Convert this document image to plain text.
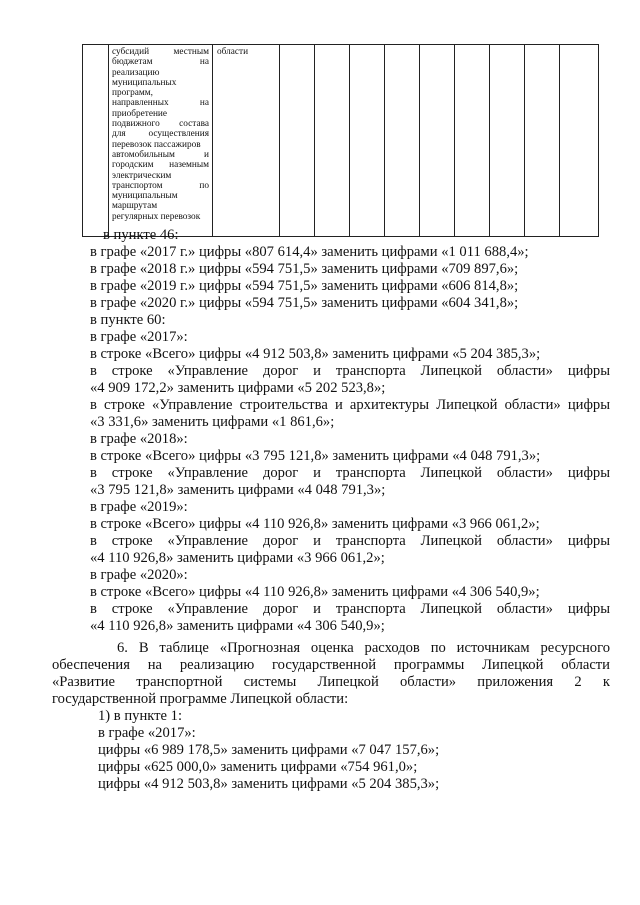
субсидий местным
бюджетам на
реализацию
муниципальных
программ,
направленных на
приобретение
подвижного состава
для осуществления
перевозок пассажиров
автомобильным и
городским наземным
электрическим
транспортом по
муниципальным
маршрутам
регулярных перевозок
	области									
в пункте 46:
в графе «2017 г.» цифры «807 614,4» заменить цифрами «1 011 688,4»;
в графе «2018 г.» цифры «594 751,5» заменить цифрами «709 897,6»;
в графе «2019 г.» цифры «594 751,5» заменить цифрами «606 814,8»;
в графе «2020 г.» цифры «594 751,5» заменить цифрами «604 341,8»;
в пункте 60:
в графе «2017»:
в строке «Всего» цифры «4 912 503,8» заменить цифрами «5 204 385,3»;
в строке «Управление дорог и транспорта Липецкой области» цифры
«4 909 172,2» заменить цифрами «5 202 523,8»;
в строке «Управление строительства и архитектуры Липецкой области» цифры
«3 331,6» заменить цифрами «1 861,6»;
в графе «2018»:
в строке «Всего» цифры «3 795 121,8» заменить цифрами «4 048 791,3»;
в строке «Управление дорог и транспорта Липецкой области» цифры
«3 795 121,8» заменить цифрами «4 048 791,3»;
в графе «2019»:
в строке «Всего» цифры «4 110 926,8» заменить цифрами «3 966 061,2»;
в строке «Управление дорог и транспорта Липецкой области» цифры
«4 110 926,8» заменить цифрами «3 966 061,2»;
в графе «2020»:
в строке «Всего» цифры «4 110 926,8» заменить цифрами «4 306 540,9»;
в строке «Управление дорог и транспорта Липецкой области» цифры
«4 110 926,8» заменить цифрами «4 306 540,9»;
6. В таблице «Прогнозная оценка расходов по источникам ресурсного
обеспечения на реализацию государственной программы Липецкой области
«Развитие транспортной системы Липецкой области» приложения 2 к
государственной программе Липецкой области:
1) в пункте 1:
в графе «2017»:
цифры «6 989 178,5» заменить цифрами «7 047 157,6»;
цифры «625 000,0» заменить цифрами «754 961,0»;
цифры «4 912 503,8» заменить цифрами «5 204 385,3»;
